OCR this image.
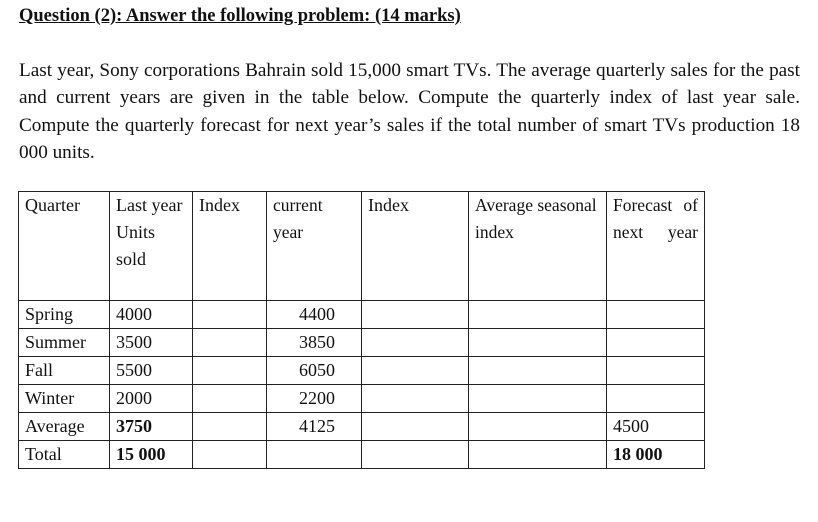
Question (2): Answer the following problem: (14 marks)
Last year, Sony corporations Bahrain sold 15,000 smart TVs. The average quarterly sales for the past and current years are given in the table below. Compute the quarterly index of last year sale. Compute the quarterly forecast for next year’s sales if the total number of smart TVs production 18 000 units.
Quarter	Last year Units sold	Index	current year	Index	Average seasonal index	Forecast of next year
Spring	4000		4400			
Summer	3500		3850			
Fall	5500		6050			
Winter	2000		2200			
Average	3750		4125			4500
Total	15 000					18 000
